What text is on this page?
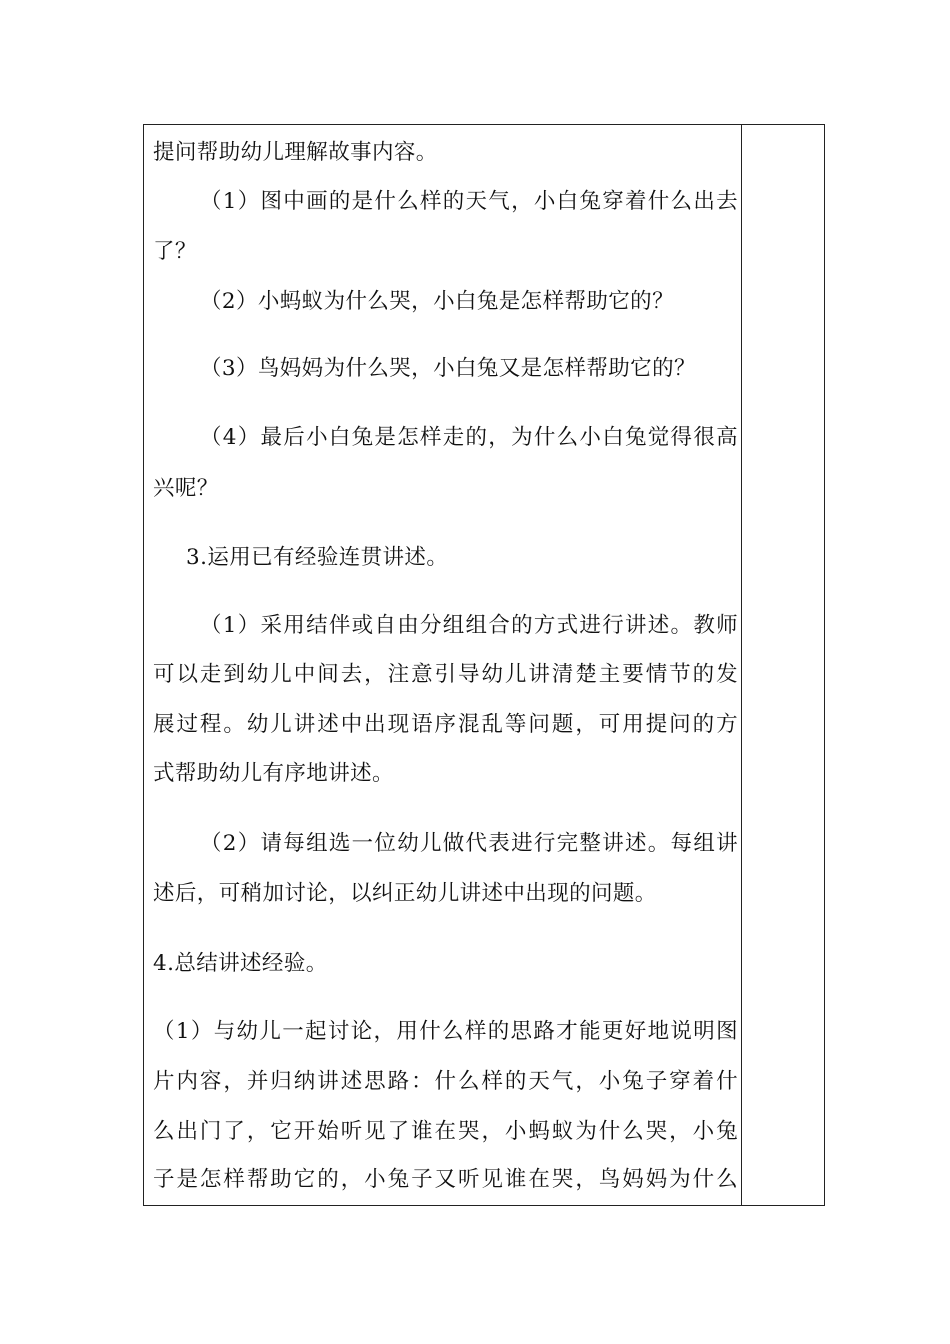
提问帮助幼儿理解故事内容。
（1）图中画的是什么样的天气，小白兔穿着什么出去
了？
（2）小蚂蚁为什么哭，小白兔是怎样帮助它的？
（3）鸟妈妈为什么哭，小白兔又是怎样帮助它的？
（4）最后小白兔是怎样走的，为什么小白兔觉得很高
兴呢？
3.运用已有经验连贯讲述。
（1）采用结伴或自由分组组合的方式进行讲述。教师
可以走到幼儿中间去，注意引导幼儿讲清楚主要情节的发
展过程。幼儿讲述中出现语序混乱等问题，可用提问的方
式帮助幼儿有序地讲述。
（2）请每组选一位幼儿做代表进行完整讲述。每组讲
述后，可稍加讨论，以纠正幼儿讲述中出现的问题。
4.总结讲述经验。
（1）与幼儿一起讨论，用什么样的思路才能更好地说明图
片内容，并归纳讲述思路：什么样的天气，小兔子穿着什
么出门了，它开始听见了谁在哭，小蚂蚁为什么哭，小兔
子是怎样帮助它的，小兔子又听见谁在哭，鸟妈妈为什么
